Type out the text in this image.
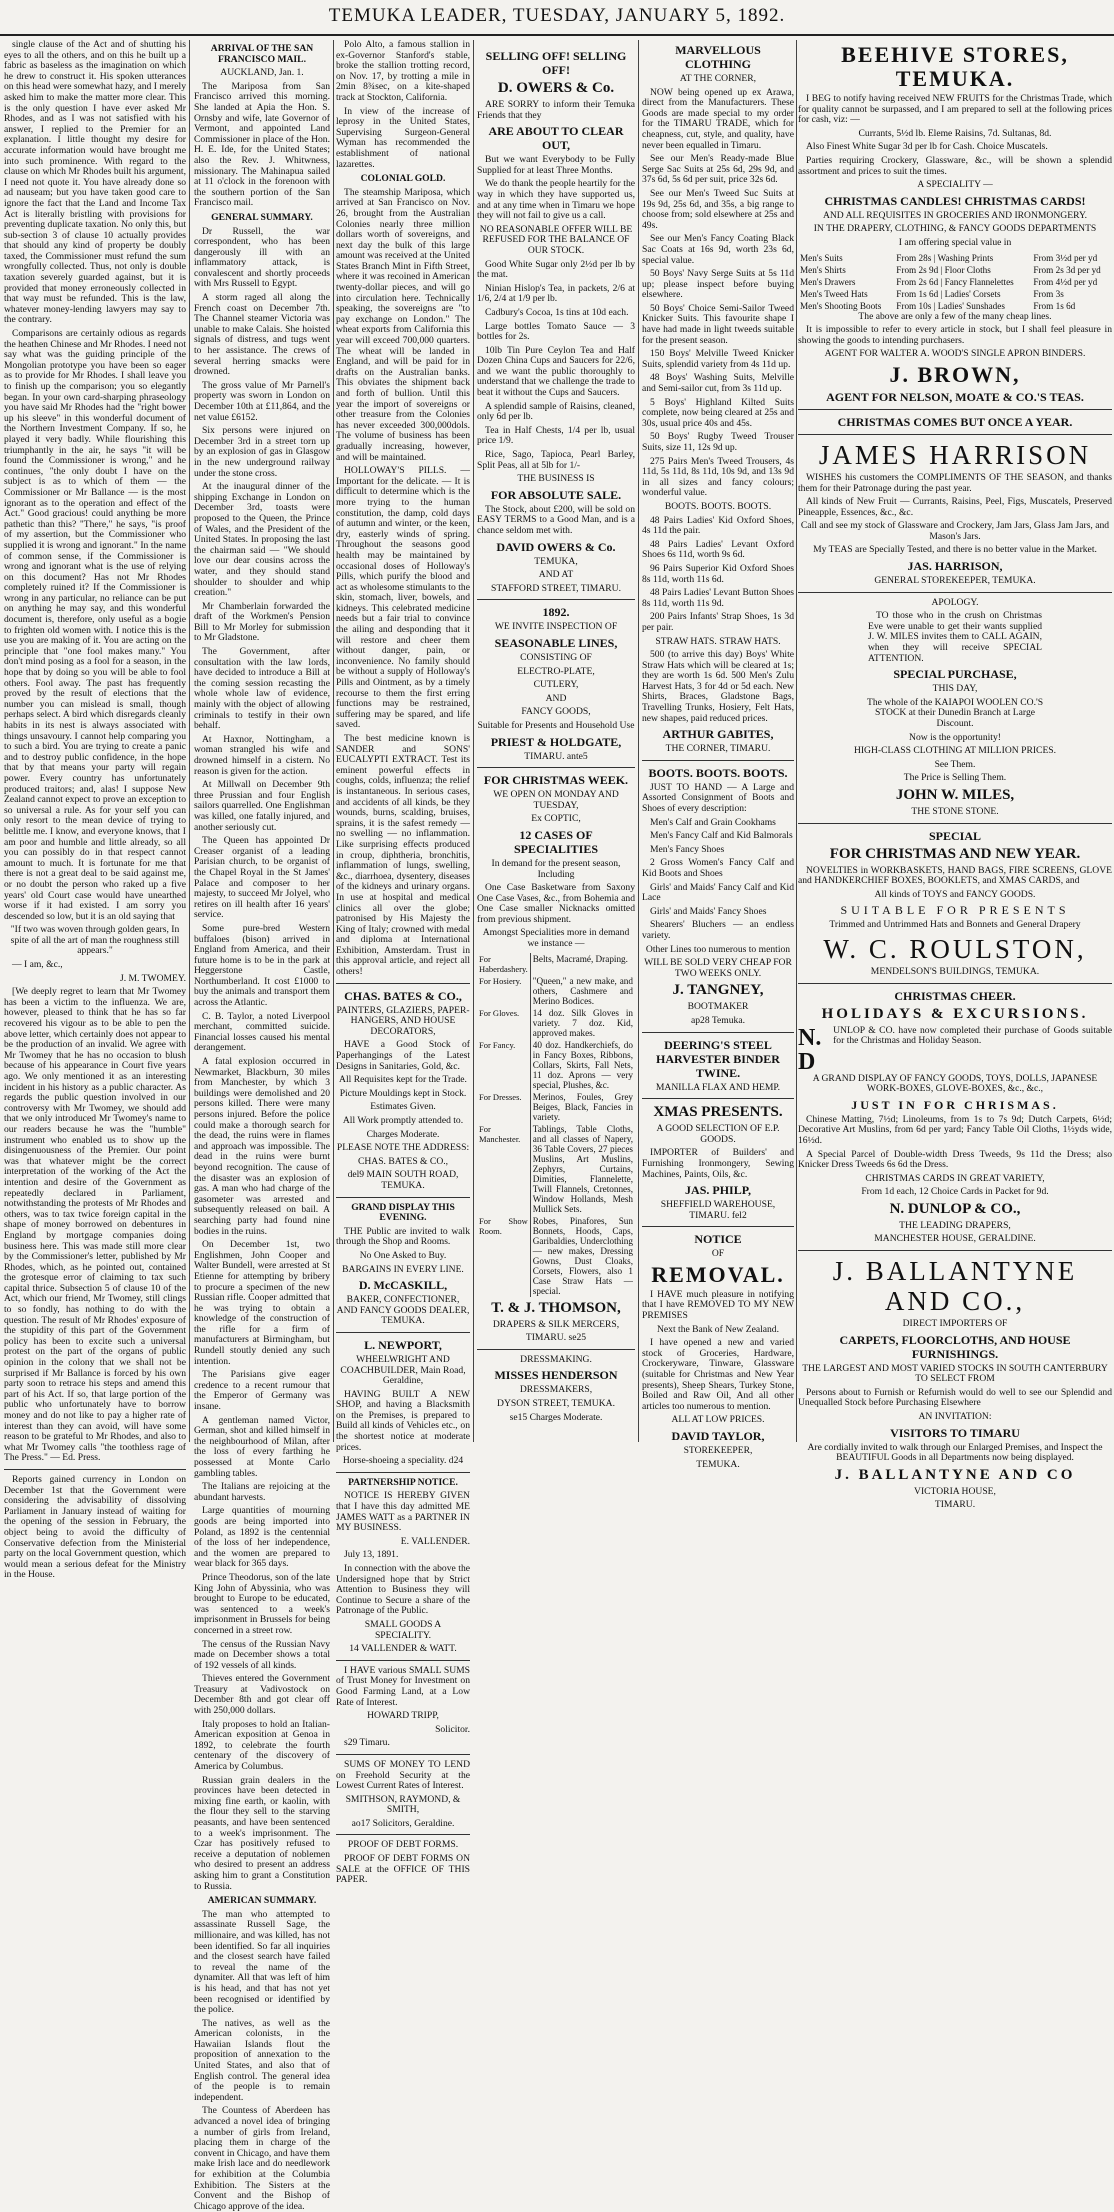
TEMUKA LEADER, TUESDAY, JANUARY 5, 1892.

single clause of the Act and of shutting his eyes to all the others, and on this he built up a fabric as baseless as the imagination on which he drew to construct it. His spoken utterances on this head were somewhat hazy, and I merely asked him to make the matter more clear. This is the only question I have ever asked Mr Rhodes, and as I was not satisfied with his answer, I replied to the Premier for an explanation. I little thought my desire for accurate information would have brought me into such prominence. With regard to the clause on which Mr Rhodes built his argument, I need not quote it. You have already done so ad nauseam; but you have taken good care to ignore the fact that the Land and Income Tax Act is literally bristling with provisions for preventing duplicate taxation. No only this, but sub-section 3 of clause 10 actually provides that should any kind of property be doubly taxed, the Commissioner must refund the sum wrongfully collected. Thus, not only is double taxation severely guarded against, but it is provided that money erroneously collected in that way must be refunded. This is the law, whatever money-lending lawyers may say to the contrary.

Comparisons are certainly odious as regards the heathen Chinese and Mr Rhodes. I need not say what was the guiding principle of the Mongolian prototype you have been so eager as to provide for Mr Rhodes. I shall leave you to finish up the comparison; you so elegantly began. In your own card-sharping phraseology you have said Mr Rhodes had the "right bower up his sleeve" in this wonderful document of the Northern Investment Company. If so, he played it very badly. While flourishing this triumphantly in the air, he says "it will be found the Commissioner is wrong," and he continues, "the only doubt I have on the subject is as to which of them — the Commissioner or Mr Ballance — is the most ignorant as to the operation and effect of the Act." Good gracious! could anything be more pathetic than this? "There," he says, "is proof of my assertion, but the Commissioner who supplied it is wrong and ignorant." In the name of common sense, if the Commissioner is wrong and ignorant what is the use of relying on this document? Has not Mr Rhodes completely ruined it? If the Commissioner is wrong in any particular, no reliance can be put on anything he may say, and this wonderful document is, therefore, only useful as a bogie to frighten old women with. I notice this is the use you are making of it. You are acting on the principle that "one fool makes many." You don't mind posing as a fool for a season, in the hope that by doing so you will be able to fool others. Fool away. The past has frequently proved by the result of elections that the number you can mislead is small, though perhaps select. A bird which disregards cleanly habits in its nest is always associated with things unsavoury. I cannot help comparing you to such a bird. You are trying to create a panic and to destroy public confidence, in the hope that by that means your party will regain power. Every country has unfortunately produced traitors; and, alas! I suppose New Zealand cannot expect to prove an exception to so universal a rule. As for your self you can only resort to the mean device of trying to belittle me. I know, and everyone knows, that I am poor and humble and little already, so all you can possibly do in that respect cannot amount to much. It is fortunate for me that there is not a great deal to be said against me, or no doubt the person who raked up a five years' old Court case would have unearthed worse if it had existed. I am sorry you descended so low, but it is an old saying that

"If two was woven through golden gears, In spite of all the art of man the roughness still appears."

— I am, &c.,

J. M. TWOMEY.

[We deeply regret to learn that Mr Twomey has been a victim to the influenza. We are, however, pleased to think that he has so far recovered his vigour as to be able to pen the above letter, which certainly does not appear to be the production of an invalid. We agree with Mr Twomey that he has no occasion to blush because of his appearance in Court five years ago. We only mentioned it as an interesting incident in his history as a public character. As regards the public question involved in our controversy with Mr Twomey, we should add that we only introduced Mr Twomey's name to our readers because he was the "humble" instrument who enabled us to show up the disingenuousness of the Premier. Our point was that whatever might be the correct interpretation of the working of the Act the intention and desire of the Government as repeatedly declared in Parliament, notwithstanding the protests of Mr Rhodes and others, was to tax twice foreign capital in the shape of money borrowed on debentures in England by mortgage companies doing business here. This was made still more clear by the Commissioner's letter, published by Mr Rhodes, which, as he pointed out, contained the grotesque error of claiming to tax such capital thrice. Subsection 5 of clause 10 of the Act, which our friend, Mr Twomey, still clings to so fondly, has nothing to do with the question. The result of Mr Rhodes' exposure of the stupidity of this part of the Government policy has been to excite such a universal protest on the part of the organs of public opinion in the colony that we shall not be surprised if Mr Ballance is forced by his own party soon to retrace his steps and amend this part of his Act. If so, that large portion of the public who unfortunately have to borrow money and do not like to pay a higher rate of interest than they can avoid, will have some reason to be grateful to Mr Rhodes, and also to what Mr Twomey calls "the toothless rage of The Press." — Ed. Press.

Reports gained currency in London on December 1st that the Government were considering the advisability of dissolving Parliament in January instead of waiting for the opening of the session in February, the object being to avoid the difficulty of Conservative defection from the Ministerial party on the local Government question, which would mean a serious defeat for the Ministry in the House.

ARRIVAL OF THE SAN FRANCISCO MAIL.

AUCKLAND, Jan. 1.

The Mariposa from San Francisco arrived this morning. She landed at Apia the Hon. S. Ornsby and wife, late Governor of Vermont, and appointed Land Commissioner in place of the Hon. H. E. Ide, for the United States; also the Rev. J. Whitwness, missionary. The Mahinapua sailed at 11 o'clock in the forenoon with the southern portion of the San Francisco mail.

GENERAL SUMMARY.

Dr Russell, the war correspondent, who has been dangerously ill with an inflammatory attack, is convalescent and shortly proceeds with Mrs Russell to Egypt.

A storm raged all along the French coast on December 7th. The Channel steamer Victoria was unable to make Calais. She hoisted signals of distress, and tugs went to her assistance. The crews of several herring smacks were drowned.

The gross value of Mr Parnell's property was sworn in London on December 10th at £11,864, and the net value £6152.

Six persons were injured on December 3rd in a street torn up by an explosion of gas in Glasgow in the new underground railway under the stone cross.

At the inaugural dinner of the shipping Exchange in London on December 3rd, toasts were proposed to the Queen, the Prince of Wales, and the President of the United States. In proposing the last the chairman said — "We should love our dear cousins across the water, and they should stand shoulder to shoulder and whip creation."

Mr Chamberlain forwarded the draft of the Workmen's Pension Bill to Mr Morley for submission to Mr Gladstone.

The Government, after consultation with the law lords, have decided to introduce a Bill at the coming session recasting the whole whole law of evidence, mainly with the object of allowing criminals to testify in their own behalf.

At Haxnor, Nottingham, a woman strangled his wife and drowned himself in a cistern. No reason is given for the action.

At Millwall on December 9th three Prussian and four English sailors quarrelled. One Englishman was killed, one fatally injured, and another seriously cut.

The Queen has appointed Dr Creaser organist of a leading Parisian church, to be organist of the Chapel Royal in the St James' Palace and composer to her majesty, to succeed Mr Jolyel, who retires on ill health after 16 years' service.

Some pure-bred Western buffaloes (bison) arrived in England from America, and their future home is to be in the park at Heggerstone Castle, Northumberland. It cost £1000 to buy the animals and transport them across the Atlantic.

C. B. Taylor, a noted Liverpool merchant, committed suicide. Financial losses caused his mental derangement.

A fatal explosion occurred in Newmarket, Blackburn, 30 miles from Manchester, by which 3 buildings were demolished and 20 persons killed. There were many persons injured. Before the police could make a thorough search for the dead, the ruins were in flames and approach was impossible. The dead in the ruins were burnt beyond recognition. The cause of the disaster was an explosion of gas. A man who had charge of the gasometer was arrested and subsequently released on bail. A searching party had found nine bodies in the ruins.

On December 1st, two Englishmen, John Cooper and Walter Bundell, were arrested at St Etienne for attempting by bribery to procure a specimen of the new Russian rifle. Cooper admitted that he was trying to obtain a knowledge of the construction of the rifle for a firm of manufacturers at Birmingham, but Rundell stoutly denied any such intention.

The Parisians give eager credence to a recent rumour that the Emperor of Germany was insane.

A gentleman named Victor, German, shot and killed himself in the neighbourhood of Milan, after the loss of every farthing he possessed at Monte Carlo gambling tables.

The Italians are rejoicing at the abundant harvests.

Large quantities of mourning goods are being imported into Poland, as 1892 is the centennial of the loss of her independence, and the women are prepared to wear black for 365 days.

Prince Theodorus, son of the late King John of Abyssinia, who was brought to Europe to be educated, was sentenced to a week's imprisonment in Brussels for being concerned in a street row.

The census of the Russian Navy made on December shows a total of 192 vessels of all kinds.

Thieves entered the Government Treasury at Vadivostock on December 8th and got clear off with 250,000 dollars.

Italy proposes to hold an Italian-American exposition at Genoa in 1892, to celebrate the fourth centenary of the discovery of America by Columbus.

Russian grain dealers in the provinces have been detected in mixing fine earth, or kaolin, with the flour they sell to the starving peasants, and have been sentenced to a week's imprisonment. The Czar has positively refused to receive a deputation of noblemen who desired to present an address asking him to grant a Constitution to Russia.

AMERICAN SUMMARY.

The man who attempted to assassinate Russell Sage, the millionaire, and was killed, has not been identified. So far all inquiries and the closest search have failed to reveal the name of the dynamiter. All that was left of him is his head, and that has not yet been recognised or identified by the police.

The natives, as well as the American colonists, in the Hawaiian Islands flout the proposition of annexation to the United States, and also that of English control. The general idea of the people is to remain independent.

The Countess of Aberdeen has advanced a novel idea of bringing a number of girls from Ireland, placing them in charge of the convent in Chicago, and have them make Irish lace and do needlework for exhibition at the Columbia Exhibition. The Sisters at the Convent and the Bishop of Chicago approve of the idea.

Polo Alto, a famous stallion in ex-Governor Stanford's stable, broke the stallion trotting record, on Nov. 17, by trotting a mile in 2min 8¾sec, on a kite-shaped track at Stockton, California.

In view of the increase of leprosy in the United States, Supervising Surgeon-General Wyman has recommended the establishment of national lazarettes.

COLONIAL GOLD.

The steamship Mariposa, which arrived at San Francisco on Nov. 26, brought from the Australian Colonies nearly three million dollars worth of sovereigns, and next day the bulk of this large amount was received at the United States Branch Mint in Fifth Street, where it was recoined in American twenty-dollar pieces, and will go into circulation here. Technically speaking, the sovereigns are "to pay exchange on London." The wheat exports from California this year will exceed 700,000 quarters. The wheat will be landed in England, and will be paid for in drafts on the Australian banks. This obviates the shipment back and forth of bullion. Until this year the import of sovereigns or other treasure from the Colonies has never exceeded 300,000dols. The volume of business has been gradually increasing, however, and will be maintained.

HOLLOWAY'S PILLS. — Important for the delicate. — It is difficult to determine which is the more trying to the human constitution, the damp, cold days of autumn and winter, or the keen, dry, easterly winds of spring. Throughout the seasons good health may be maintained by occasional doses of Holloway's Pills, which purify the blood and act as wholesome stimulants to the skin, stomach, liver, bowels, and kidneys. This celebrated medicine needs but a fair trial to convince the ailing and desponding that it will restore and cheer them without danger, pain, or inconvenience. No family should be without a supply of Holloway's Pills and Ointment, as by a timely recourse to them the first erring functions may be restrained, suffering may be spared, and life saved.

The best medicine known is SANDER and SONS' EUCALYPTI EXTRACT. Test its eminent powerful effects in coughs, colds, influenza; the relief is instantaneous. In serious cases, and accidents of all kinds, be they wounds, burns, scalding, bruises, sprains, it is the safest remedy — no swelling — no inflammation. Like surprising effects produced in croup, diphtheria, bronchitis, inflammation of lungs, swelling, &c., diarrhoea, dysentery, diseases of the kidneys and urinary organs. In use at hospital and medical clinics all over the globe; patronised by His Majesty the King of Italy; crowned with medal and diploma at International Exhibition, Amsterdam. Trust in this approval article, and reject all others!

CHAS. BATES & CO.,

PAINTERS, GLAZIERS, PAPER-HANGERS, AND HOUSE DECORATORS,

HAVE a Good Stock of Paperhangings of the Latest Designs in Sanitaries, Gold, &c.

All Requisites kept for the Trade.

Picture Mouldings kept in Stock.

Estimates Given.

All Work promptly attended to.

Charges Moderate.

PLEASE NOTE THE ADDRESS:

CHAS. BATES & CO.,

del9 MAIN SOUTH ROAD, TEMUKA.

GRAND DISPLAY THIS EVENING.

THE Public are invited to walk through the Shop and Rooms.

No One Asked to Buy.

BARGAINS IN EVERY LINE.

D. McCASKILL,

BAKER, CONFECTIONER, AND FANCY GOODS DEALER, TEMUKA.

L. NEWPORT,

WHEELWRIGHT AND COACHBUILDER, Main Road, Geraldine,

HAVING BUILT A NEW SHOP, and having a Blacksmith on the Premises, is prepared to Build all kinds of Vehicles etc., on the shortest notice at moderate prices.

Horse-shoeing a speciality. d24

PARTNERSHIP NOTICE.

NOTICE IS HEREBY GIVEN that I have this day admitted ME JAMES WATT as a PARTNER IN MY BUSINESS.

E. VALLENDER.

July 13, 1891.

In connection with the above the Undersigned hope that by Strict Attention to Business they will Continue to Secure a share of the Patronage of the Public.

SMALL GOODS A SPECIALITY.

14 VALLENDER & WATT.

I HAVE various SMALL SUMS of Trust Money for Investment on Good Farming Land, at a Low Rate of Interest.

HOWARD TRIPP,

Solicitor.

s29 Timaru.

SUMS OF MONEY TO LEND on Freehold Security at the Lowest Current Rates of Interest.

SMITHSON, RAYMOND, & SMITH,

ao17 Solicitors, Geraldine.

PROOF OF DEBT FORMS.

PROOF OF DEBT FORMS ON SALE at the OFFICE OF THIS PAPER.

SELLING OFF! SELLING OFF!

D. OWERS & Co.

ARE SORRY to inform their Temuka Friends that they

ARE ABOUT TO CLEAR OUT,

But we want Everybody to be Fully Supplied for at least Three Months.

We do thank the people heartily for the way in which they have supported us, and at any time when in Timaru we hope they will not fail to give us a call.

NO REASONABLE OFFER WILL BE REFUSED FOR THE BALANCE OF OUR STOCK.

Good White Sugar only 2½d per lb by the mat.

Ninian Hislop's Tea, in packets, 2/6 at 1/6, 2/4 at 1/9 per lb.

Cadbury's Cocoa, 1s tins at 10d each.

Large bottles Tomato Sauce — 3 bottles for 2s.

10lb Tin Pure Ceylon Tea and Half Dozen China Cups and Saucers for 22/6, and we want the public thoroughly to understand that we challenge the trade to beat it without the Cups and Saucers.

A splendid sample of Raisins, cleaned, only 6d per lb.

Tea in Half Chests, 1/4 per lb, usual price 1/9.

Rice, Sago, Tapioca, Pearl Barley, Split Peas, all at 5lb for 1/-

THE BUSINESS IS

FOR ABSOLUTE SALE.

The Stock, about £200, will be sold on EASY TERMS to a Good Man, and is a chance seldom met with.

DAVID OWERS & Co.

TEMUKA,

AND AT

STAFFORD STREET, TIMARU.

1892.

WE INVITE INSPECTION OF

SEASONABLE LINES,

CONSISTING OF

ELECTRO-PLATE,

CUTLERY,

AND

FANCY GOODS,

Suitable for Presents and Household Use

PRIEST & HOLDGATE,

TIMARU. ante5

FOR CHRISTMAS WEEK.

WE OPEN ON MONDAY AND TUESDAY,

Ex COPTIC,

12 CASES OF SPECIALITIES

In demand for the present season, Including

One Case Basketware from Saxony One Case Vases, &c., from Bohemia and One Case smaller Nicknacks omitted from previous shipment.

Amongst Specialities more in demand we instance —

For Haberdashery.	Belts, Macramé, Draping.
For Hosiery.	"Queen," a new make, and others, Cashmere and Merino Bodices.
For Gloves.	14 doz. Silk Gloves in variety. 7 doz. Kid, approved makes.
For Fancy.	40 doz. Handkerchiefs, do in Fancy Boxes, Ribbons, Collars, Skirts, Fall Nets, 11 doz. Aprons — very special, Plushes, &c.
For Dresses.	Merinos, Foules, Grey Beiges, Black, Fancies in variety.
For Manchester.	Tablings, Table Cloths, and all classes of Napery, 36 Table Covers, 27 pieces Muslins, Art Muslins, Zephyrs, Curtains, Dimities, Flannelette, Twill Flannels, Cretonnes, Window Hollands, Mesh Mullick Sets.
For Show Room.	Robes, Pinafores, Sun Bonnets, Hoods, Caps, Garibaldies, Underclothing — new makes, Dressing Gowns, Dust Cloaks, Corsets, Flowers, also 1 Case Straw Hats — special.

T. & J. THOMSON,

DRAPERS & SILK MERCERS,

TIMARU. se25

DRESSMAKING.

MISSES HENDERSON

DRESSMAKERS,

DYSON STREET, TEMUKA.

se15 Charges Moderate.

MARVELLOUS CLOTHING

AT THE CORNER,

NOW being opened up ex Arawa, direct from the Manufacturers. These Goods are made special to my order for the TIMARU TRADE, which for cheapness, cut, style, and quality, have never been equalled in Timaru.

See our Men's Ready-made Blue Serge Sac Suits at 25s 6d, 29s 9d, and 37s 6d, 5s 6d per suit, price 32s 6d.

See our Men's Tweed Suc Suits at 19s 9d, 25s 6d, and 35s, a big range to choose from; sold elsewhere at 25s and 49s.

See our Men's Fancy Coating Black Sac Coats at 16s 9d, worth 23s 6d, special value.

50 Boys' Navy Serge Suits at 5s 11d up; please inspect before buying elsewhere.

50 Boys' Choice Semi-Sailor Tweed Knicker Suits. This favourite shape I have had made in light tweeds suitable for the present season.

150 Boys' Melville Tweed Knicker Suits, splendid variety from 4s 11d up.

48 Boys' Washing Suits, Melville and Semi-sailor cut, from 3s 11d up.

5 Boys' Highland Kilted Suits complete, now being cleared at 25s and 30s, usual price 40s and 45s.

50 Boys' Rugby Tweed Trouser Suits, size 11, 12s 9d up.

275 Pairs Men's Tweed Trousers, 4s 11d, 5s 11d, 8s 11d, 10s 9d, and 13s 9d in all sizes and fancy colours; wonderful value.

BOOTS. BOOTS. BOOTS.

48 Pairs Ladies' Kid Oxford Shoes, 4s 11d the pair.

48 Pairs Ladies' Levant Oxford Shoes 6s 11d, worth 9s 6d.

96 Pairs Superior Kid Oxford Shoes 8s 11d, worth 11s 6d.

48 Pairs Ladies' Levant Button Shoes 8s 11d, worth 11s 9d.

200 Pairs Infants' Strap Shoes, 1s 3d per pair.

STRAW HATS. STRAW HATS.

500 (to arrive this day) Boys' White Straw Hats which will be cleared at 1s; they are worth 1s 6d. 500 Men's Zulu Harvest Hats, 3 for 4d or 5d each. New Shirts, Braces, Gladstone Bags, Travelling Trunks, Hosiery, Felt Hats, new shapes, paid reduced prices.

ARTHUR GABITES,

THE CORNER, TIMARU.

BOOTS. BOOTS. BOOTS.

JUST TO HAND — A Large and Assorted Consignment of Boots and Shoes of every description:

Men's Calf and Grain Cookhams

Men's Fancy Calf and Kid Balmorals

Men's Fancy Shoes

2 Gross Women's Fancy Calf and Kid Boots and Shoes

Girls' and Maids' Fancy Calf and Kid Lace

Girls' and Maids' Fancy Shoes

Shearers' Bluchers — an endless variety.

Other Lines too numerous to mention

WILL BE SOLD VERY CHEAP FOR TWO WEEKS ONLY.

J. TANGNEY,

BOOTMAKER

ap28 Temuka.

DEERING'S STEEL HARVESTER BINDER TWINE.

MANILLA FLAX AND HEMP.

XMAS PRESENTS.

A GOOD SELECTION OF E.P. GOODS.

IMPORTER of Builders' and Furnishing Ironmongery, Sewing Machines, Paints, Oils, &c.

JAS. PHILP,

SHEFFIELD WAREHOUSE, TIMARU. fel2

NOTICE

OF

REMOVAL.

I HAVE much pleasure in notifying that I have REMOVED TO MY NEW PREMISES

Next the Bank of New Zealand.

I have opened a new and varied stock of Groceries, Hardware, Crockeryware, Tinware, Glassware (suitable for Christmas and New Year presents), Sheep Shears, Turkey Stone, Boiled and Raw Oil, And all other articles too numerous to mention.

ALL AT LOW PRICES.

DAVID TAYLOR,

STOREKEEPER,

TEMUKA.

BEEHIVE STORES, TEMUKA.

I BEG to notify having received NEW FRUITS for the Christmas Trade, which for quality cannot be surpassed, and I am prepared to sell at the following prices for cash, viz: —

Currants, 5½d lb. Eleme Raisins, 7d. Sultanas, 8d.

Also Finest White Sugar 3d per lb for Cash. Choice Muscatels.

Parties requiring Crockery, Glassware, &c., will be shown a splendid assortment and prices to suit the times.

A SPECIALITY —

CHRISTMAS CANDLES! CHRISTMAS CARDS!

AND ALL REQUISITES IN GROCERIES AND IRONMONGERY.

IN THE DRAPERY, CLOTHING, & FANCY GOODS DEPARTMENTS

I am offering special value in

Men's Suits	From 28s | Washing Prints	From 3½d per yd
Men's Shirts	From 2s 9d | Floor Cloths	From 2s 3d per yd
Men's Drawers	From 2s 6d | Fancy Flannelettes	From 4½d per yd
Men's Tweed Hats	From 1s 6d | Ladies' Corsets	From 3s
Men's Shooting Boots	From 10s | Ladies' Sunshades	From 1s 6d

The above are only a few of the many cheap lines.

It is impossible to refer to every article in stock, but I shall feel pleasure in showing the goods to intending purchasers.

AGENT FOR WALTER A. WOOD'S SINGLE APRON BINDERS.

J. BROWN,

AGENT FOR NELSON, MOATE & CO.'S TEAS.

CHRISTMAS COMES BUT ONCE A YEAR.

JAMES HARRISON

WISHES his customers the COMPLIMENTS OF THE SEASON, and thanks them for their Patronage during the past year.

All kinds of New Fruit — Currants, Raisins, Peel, Figs, Muscatels, Preserved Pineapple, Essences, &c., &c.

Call and see my stock of Glassware and Crockery, Jam Jars, Glass Jam Jars, and Mason's Jars.

My TEAS are Specially Tested, and there is no better value in the Market.

JAS. HARRISON,

GENERAL STOREKEEPER, TEMUKA.

APOLOGY.

TO those who in the crush on Christmas Eve were unable to get their wants supplied J. W. MILES invites them to CALL AGAIN, when they will receive SPECIAL ATTENTION.

SPECIAL PURCHASE,

THIS DAY,

The whole of the KAIAPOI WOOLEN CO.'S STOCK at their Dunedin Branch at Large Discount.

Now is the opportunity!

HIGH-CLASS CLOTHING AT MILLION PRICES.

See Them.

The Price is Selling Them.

JOHN W. MILES,

THE STONE STONE.

SPECIAL

FOR CHRISTMAS AND NEW YEAR.

NOVELTIES in WORKBASKETS, HAND BAGS, FIRE SCREENS, GLOVE and HANDKERCHIEF BOXES, BOOKLETS, and XMAS CARDS, and

All kinds of TOYS and FANCY GOODS.

SUITABLE FOR PRESENTS

Trimmed and Untrimmed Hats and Bonnets and General Drapery

W. C. ROULSTON,

MENDELSON'S BUILDINGS, TEMUKA.

CHRISTMAS CHEER.

HOLIDAYS & EXCURSIONS.

N. D

UNLOP & CO. have now completed their purchase of Goods suitable for the Christmas and Holiday Season.

A GRAND DISPLAY OF FANCY GOODS, TOYS, DOLLS, JAPANESE WORK-BOXES, GLOVE-BOXES, &c., &c.,

JUST IN FOR CHRISMAS.

Chinese Matting, 7½d; Linoleums, from 1s to 7s 9d; Dutch Carpets, 6½d; Decorative Art Muslins, from 6d per yard; Fancy Table Oil Cloths, 1½yds wide, 16½d.

A Special Parcel of Double-width Dress Tweeds, 9s 11d the Dress; also Knicker Dress Tweeds 6s 6d the Dress.

CHRISTMAS CARDS IN GREAT VARIETY,

From 1d each, 12 Choice Cards in Packet for 9d.

N. DUNLOP & CO.,

THE LEADING DRAPERS,

MANCHESTER HOUSE, GERALDINE.

J. BALLANTYNE AND CO.,

DIRECT IMPORTERS OF

CARPETS, FLOORCLOTHS, AND HOUSE FURNISHINGS.

THE LARGEST AND MOST VARIED STOCKS IN SOUTH CANTERBURY TO SELECT FROM

Persons about to Furnish or Refurnish would do well to see our Splendid and Unequalled Stock before Purchasing Elsewhere

AN INVITATION:

VISITORS TO TIMARU

Are cordially invited to walk through our Enlarged Premises, and Inspect the BEAUTIFUL Goods in all Departments now being displayed.

J. BALLANTYNE AND CO

VICTORIA HOUSE,

TIMARU.
